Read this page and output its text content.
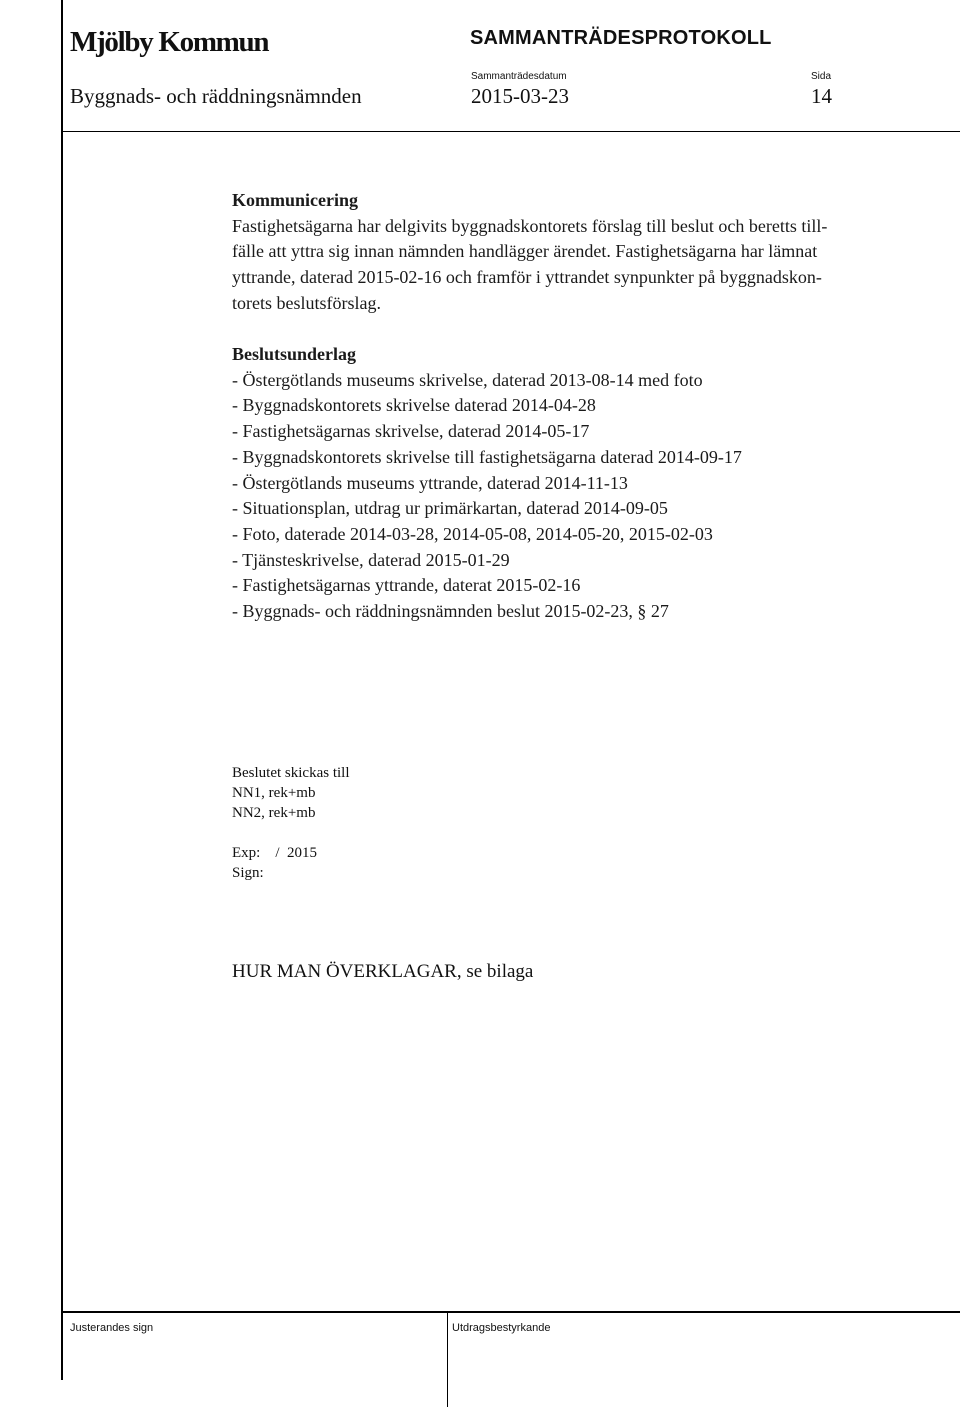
Mjölby Kommun	SAMMANTRÄDESPROTOKOLL
Byggnads- och räddningsnämnden
Sammanträdesdatum
2015-03-23
Sida
14
Kommunicering
Fastighetsägarna har delgivits byggnadskontorets förslag till beslut och beretts till-
fälle att yttra sig innan nämnden handlägger ärendet. Fastighetsägarna har lämnat
yttrande, daterad 2015-02-16 och framför i yttrandet synpunkter på byggnadskon-
torets beslutsförslag.
Beslutsunderlag
- Östergötlands museums skrivelse, daterad 2013-08-14 med foto
- Byggnadskontorets skrivelse daterad 2014-04-28
- Fastighetsägarnas skrivelse, daterad 2014-05-17
- Byggnadskontorets skrivelse till fastighetsägarna daterad 2014-09-17
- Östergötlands museums yttrande, daterad 2014-11-13
- Situationsplan, utdrag ur primärkartan, daterad 2014-09-05
- Foto, daterade 2014-03-28, 2014-05-08, 2014-05-20, 2015-02-03
- Tjänsteskrivelse, daterad 2015-01-29
- Fastighetsägarnas yttrande, daterat 2015-02-16
- Byggnads- och räddningsnämnden beslut 2015-02-23, § 27
Beslutet skickas till
NN1, rek+mb
NN2, rek+mb
Exp:    /  2015
Sign:
HUR MAN ÖVERKLAGAR, se bilaga
Justerandes sign	Utdragsbestyrkande
